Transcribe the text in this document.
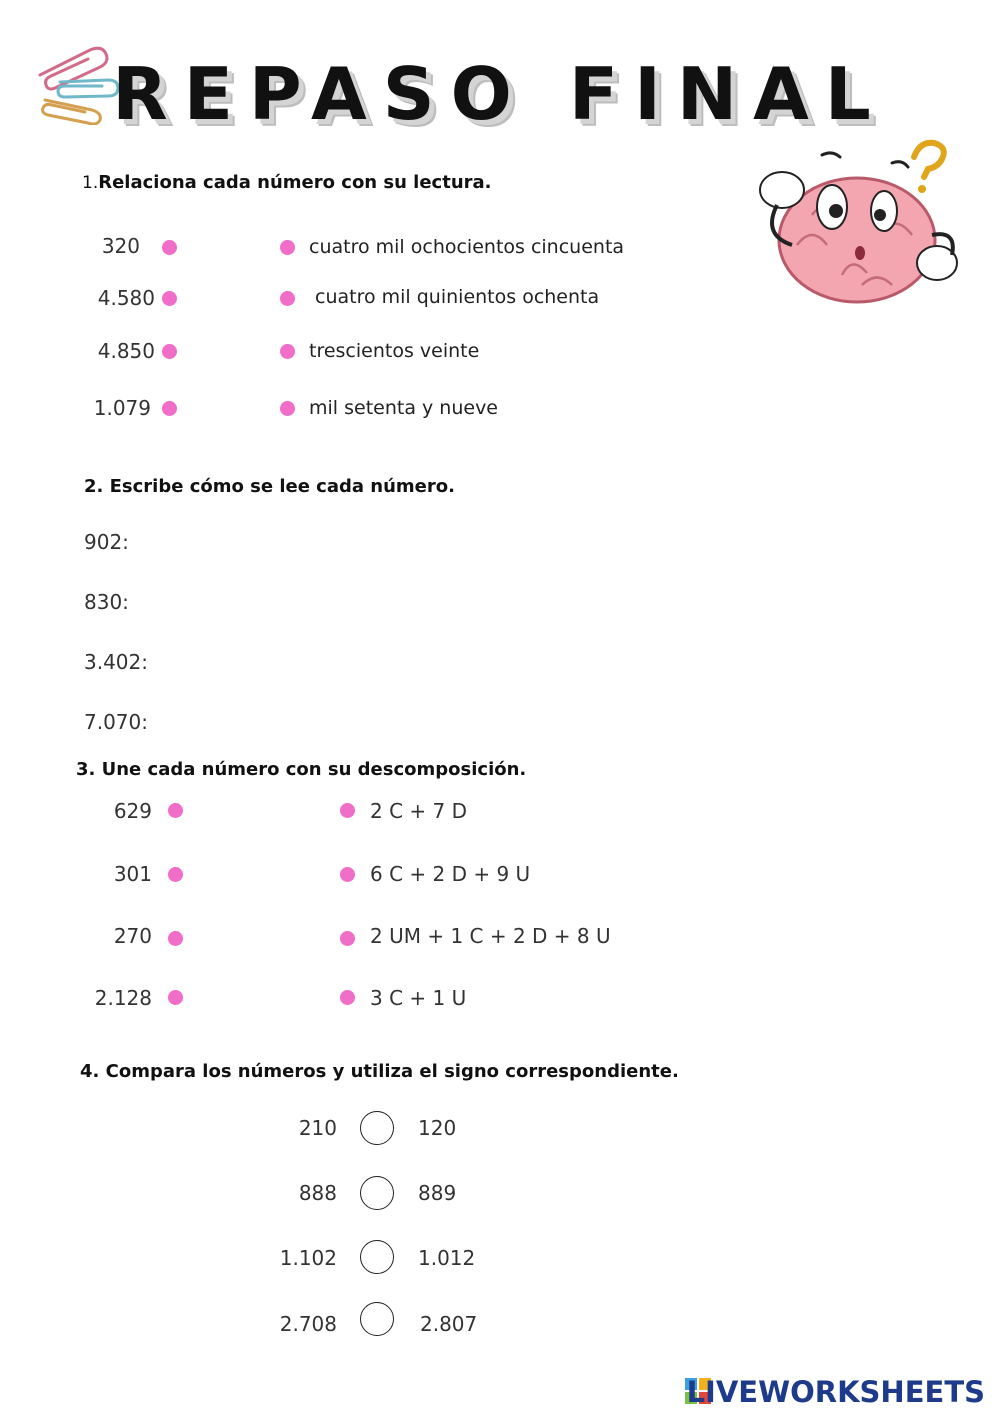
REPASO FINAL
1.Relaciona cada número con su lectura.
320
4.580
4.850
1.079
cuatro mil ochocientos cincuenta
cuatro mil quinientos ochenta
trescientos veinte
mil setenta y nueve
2. Escribe cómo se lee cada número.
902:
830:
3.402:
7.070:
3. Une cada número con su descomposición.
629
301
270
2.128
2 C + 7 D
6 C + 2 D + 9 U
2 UM + 1 C + 2 D + 8 U
3 C + 1 U
4. Compara los números y utiliza el signo correspondiente.
210
888
1.102
2.708
120
889
1.012
2.807
LIVEWORKSHEETS
